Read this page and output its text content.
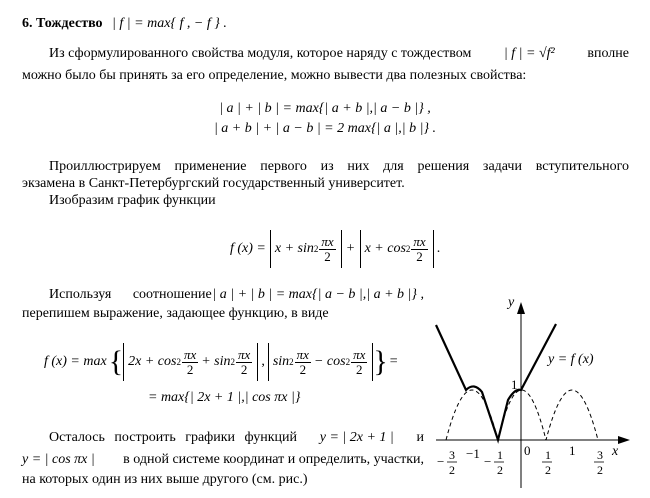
6. Тождество | f | = max{ f , − f } .
Из сформулированного свойства модуля, которое наряду с тождеством | f | = √f² вполне
можно было бы принять за его определение, можно вывести два полезных свойства:
| a | + | b | = max{| a + b |,| a − b |} ,
| a + b | + | a − b | = 2 max{| a |,| b |} .
Проиллюстрируем применение первого из них для решения задачи вступительного
экзамена в Санкт-Петербургский государственный университет.
Изобразим график функции
f $(x) = x + \sin 2 \frac{\pi x}{2} + x + \cos 2 \frac{\pi x}{2}$ .
Используя соотношение | a | + | b | = max{| a − b |,| a + b |} ,
перепишем выражение, задающее функцию, в виде
f (x) = max { $2x + \cos 2 \frac{\pi x}{2} + \sin 2 \frac{\pi x}{2}$ , $\sin 2 \frac{\pi x}{2} - \cos 2 \frac{\pi x}{2}$ } =
= max{| 2x + 1 |,| cos πx |}
Осталось построить графики функций y = | 2x + 1 | и
y = | cos πx | в одной системе координат и определить, участки,
на которых один из них выше другого (см. рис.)
y
x
y = f (x)
1
− 3
2
−1
− 1
2
0 1
2
1 3
2
